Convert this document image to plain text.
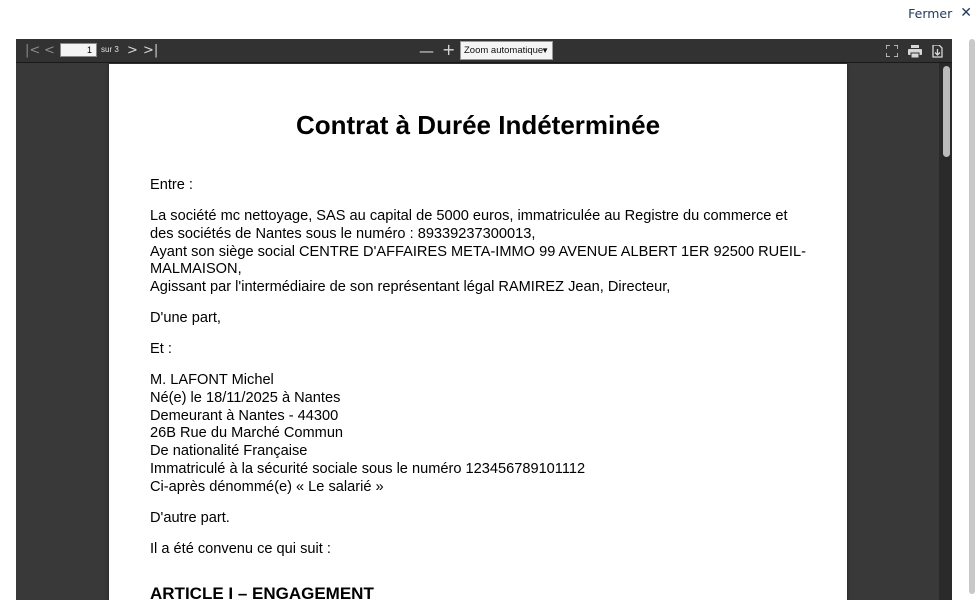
Fermer ✕
|< <	1	sur 3 > >|	— + Zoom automatique
▼
Contrat à Durée Indéterminée
Entre :
La société mc nettoyage, SAS au capital de 5000 euros, immatriculée au Registre du commerce et
des sociétés de Nantes sous le numéro : 89339237300013,
Ayant son siège social CENTRE D'AFFAIRES META-IMMO 99 AVENUE ALBERT 1ER 92500 RUEIL-
MALMAISON,
Agissant par l'intermédiaire de son représentant légal RAMIREZ Jean, Directeur,
D'une part,
Et :
M. LAFONT Michel
Né(e) le 18/11/2025 à Nantes
Demeurant à Nantes - 44300
26B Rue du Marché Commun
De nationalité Française
Immatriculé à la sécurité sociale sous le numéro 123456789101112
Ci-après dénommé(e) « Le salarié »
D'autre part.
Il a été convenu ce qui suit :
ARTICLE I – ENGAGEMENT
